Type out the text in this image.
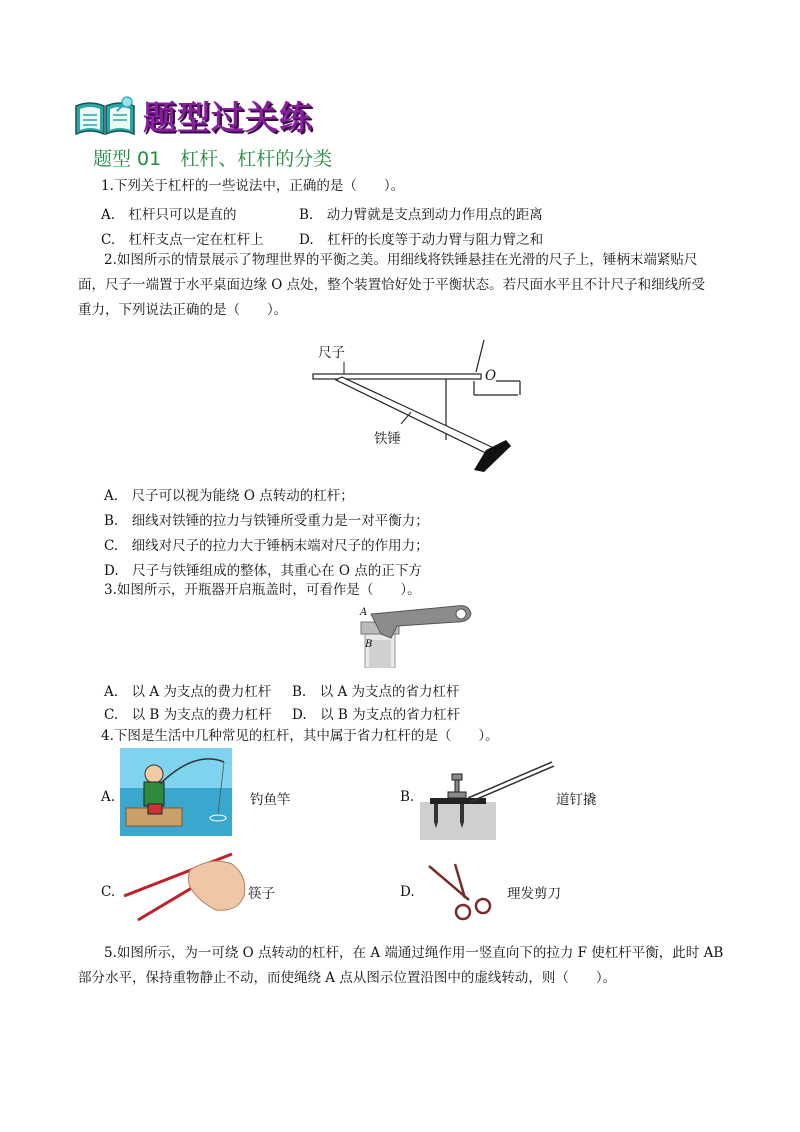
题型过关练
题型 01　杠杆、杠杆的分类
1.下列关于杠杆的一些说法中，正确的是（　　）。
A.　杠杆只可以是直的	B.　动力臂就是支点到动力作用点的距离
C.　杠杆支点一定在杠杆上	D.　杠杆的长度等于动力臂与阻力臂之和
2.如图所示的情景展示了物理世界的平衡之美。用细线将铁锤悬挂在光滑的尺子上，锤柄末端紧贴尺
面，尺子一端置于水平桌面边缘 O 点处，整个装置恰好处于平衡状态。若尺面水平且不计尺子和细线所受
重力，下列说法正确的是（　　）。
尺子
铁锤
O
A.　尺子可以视为能绕 O 点转动的杠杆；
B.　细线对铁锤的拉力与铁锤所受重力是一对平衡力；
C.　细线对尺子的拉力大于锤柄末端对尺子的作用力；
D.　尺子与铁锤组成的整体，其重心在 O 点的正下方
3.如图所示，开瓶器开启瓶盖时，可看作是（　　）。
A
B
A.　以 A 为支点的费力杠杆 B.　以 A 为支点的省力杠杆
C.　以 B 为支点的费力杠杆 D.　以 B 为支点的省力杠杆
4.下图是生活中几种常见的杠杆，其中属于省力杠杆的是（　　）。
A.	钓鱼竿	B.	道钉撬
C.	筷子	D.	理发剪刀
5.如图所示，为一可绕 O 点转动的杠杆，在 A 端通过绳作用一竖直向下的拉力 F 使杠杆平衡，此时 AB
部分水平，保持重物静止不动，而使绳绕 A 点从图示位置沿图中的虚线转动，则（　　）。
